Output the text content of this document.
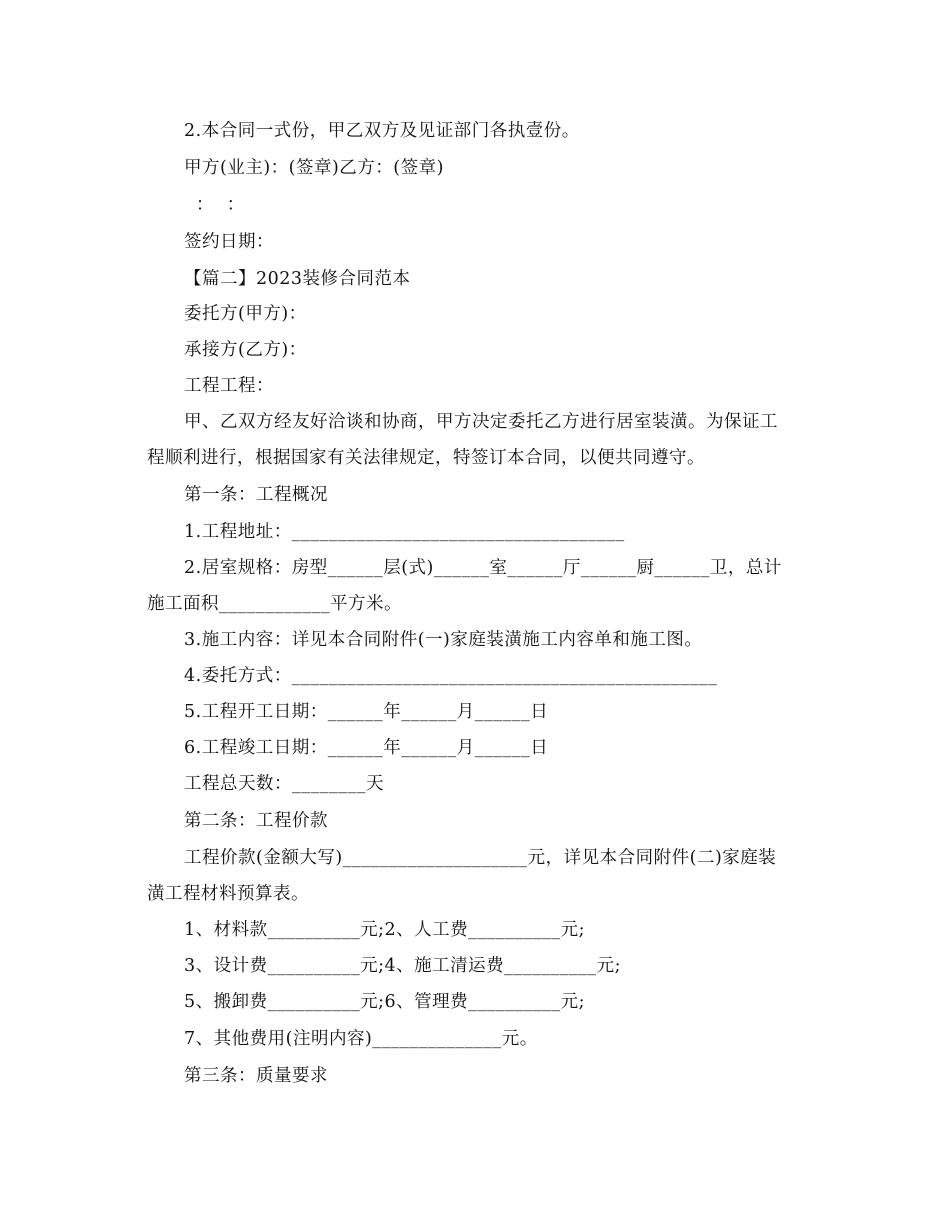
2.本合同一式份，甲乙双方及见证部门各执壹份。
甲方(业主)：(签章)乙方：(签章)
：：
签约日期：
【篇二】2023装修合同范本
委托方(甲方)：
承接方(乙方)：
工程工程：
甲、乙双方经友好洽谈和协商，甲方决定委托乙方进行居室装潢。为保证工
程顺利进行，根据国家有关法律规定，特签订本合同，以便共同遵守。
第一条：工程概况
1.工程地址：____________________________________
2.居室规格：房型______层(式)______室______厅______厨______卫，总计
施工面积____________平方米。
3.施工内容：详见本合同附件(一)家庭装潢施工内容单和施工图。
4.委托方式：______________________________________________
5.工程开工日期：______年______月______日
6.工程竣工日期：______年______月______日
工程总天数：________天
第二条：工程价款
工程价款(金额大写)____________________元，详见本合同附件(二)家庭装
潢工程材料预算表。
1、材料款__________元;2、人工费__________元;
3、设计费__________元;4、施工清运费__________元;
5、搬卸费__________元;6、管理费__________元;
7、其他费用(注明内容)______________元。
第三条：质量要求
